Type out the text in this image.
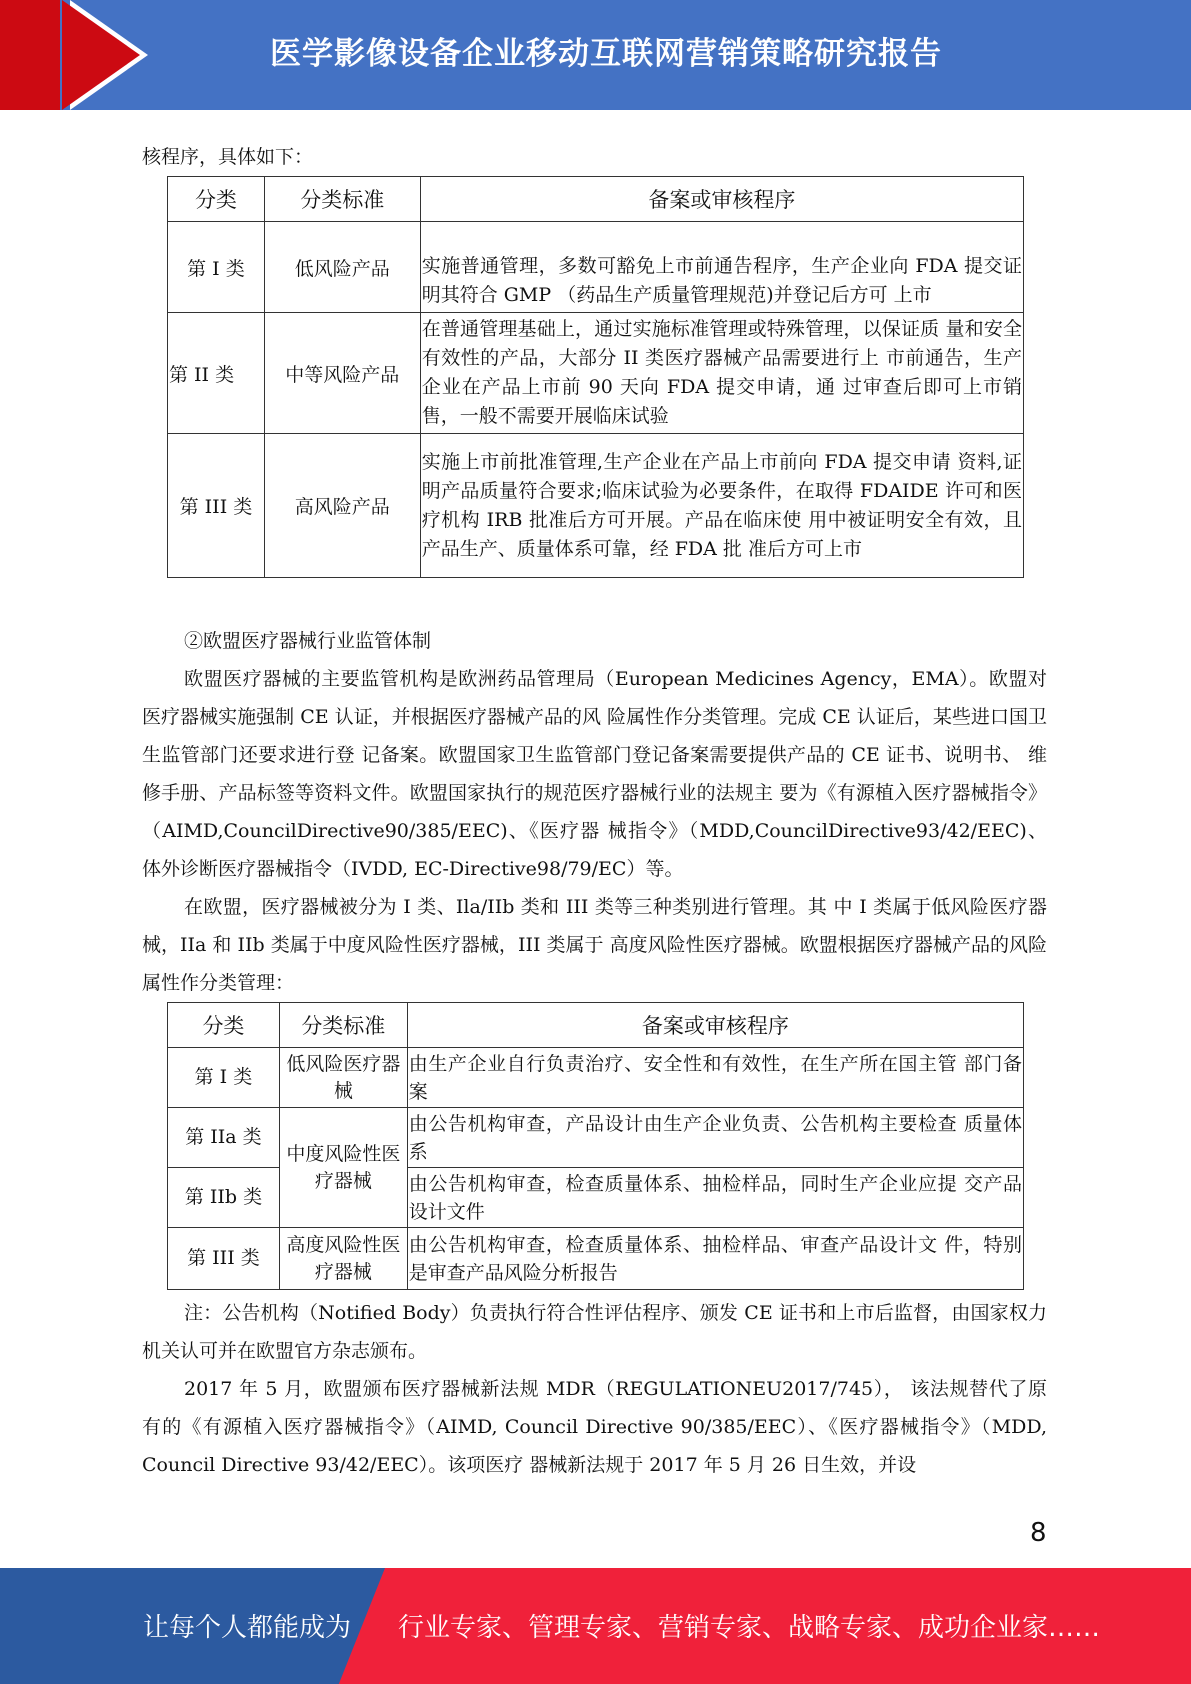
医学影像设备企业移动互联网营销策略研究报告

核程序，具体如下：

分类	分类标准	备案或审核程序
第 I 类	低风险产品	实施普通管理，多数可豁免上市前通告程序，生产企业向 FDA 提交证明其符合 GMP （药品生产质量管理规范)并登记后方可 上市
第 II 类	中等风险产品	在普通管理基础上，通过实施标准管理或特殊管理，以保证质 量和安全有效性的产品，大部分 II 类医疗器械产品需要进行上 市前通告，生产企业在产品上市前 90 天向 FDA 提交申请，通 过审查后即可上市销售，一般不需要开展临床试验
第 III 类	高风险产品	实施上市前批准管理,生产企业在产品上市前向 FDA 提交申请 资料,证明产品质量符合要求;临床试验为必要条件，在取得 FDAIDE 许可和医疗机构 IRB 批准后方可开展。产品在临床使 用中被证明安全有效，且产品生产、质量体系可靠，经 FDA 批 准后方可上市

②欧盟医疗器械行业监管体制

欧盟医疗器械的主要监管机构是欧洲药品管理局（European Medicines Agency，EMA）。欧盟对医疗器械实施强制 CE 认证，并根据医疗器械产品的风 险属性作分类管理。完成 CE 认证后，某些进口国卫生监管部门还要求进行登 记备案。欧盟国家卫生监管部门登记备案需要提供产品的 CE 证书、说明书、 维修手册、产品标签等资料文件。欧盟国家执行的规范医疗器械行业的法规主 要为《有源植入医疗器械指令》（AIMD,CouncilDirective90/385/EEC)、《医疗器 械指令》（MDD,CouncilDirective93/42/EEC)、体外诊断医疗器械指令（IVDD, EC-Directive98/79/EC）等。

在欧盟，医疗器械被分为 I 类、Ila/IIb 类和 III 类等三种类别进行管理。其 中 I 类属于低风险医疗器械，IIa 和 IIb 类属于中度风险性医疗器械，III 类属于 高度风险性医疗器械。欧盟根据医疗器械产品的风险属性作分类管理：

分类	分类标准	备案或审核程序
第 I 类	低风险医疗器械	由生产企业自行负责治疗、安全性和有效性，在生产所在国主管 部门备案
第 IIa 类	中度风险性医疗器械	由公告机构审查，产品设计由生产企业负责、公告机构主要检查 质量体系
第 IIb 类		由公告机构审查，检查质量体系、抽检样品，同时生产企业应提 交产品设计文件
第 III 类	高度风险性医疗器械	由公告机构审查，检查质量体系、抽检样品、审查产品设计文 件，特别是审查产品风险分析报告

注：公告机构（Notified Body）负责执行符合性评估程序、颁发 CE 证书和上市后监督，由国家权力机关认可并在欧盟官方杂志颁布。

2017 年 5 月，欧盟颁布医疗器械新法规 MDR（REGULATIONEU2017/745）， 该法规替代了原有的《有源植入医疗器械指令》（AIMD, Council Directive 90/385/EEC）、《医疗器械指令》（MDD, Council Directive 93/42/EEC）。该项医疗 器械新法规于 2017 年 5 月 26 日生效，并设

8
让每个人都能成为 行业专家、管理专家、营销专家、战略专家、成功企业家……
